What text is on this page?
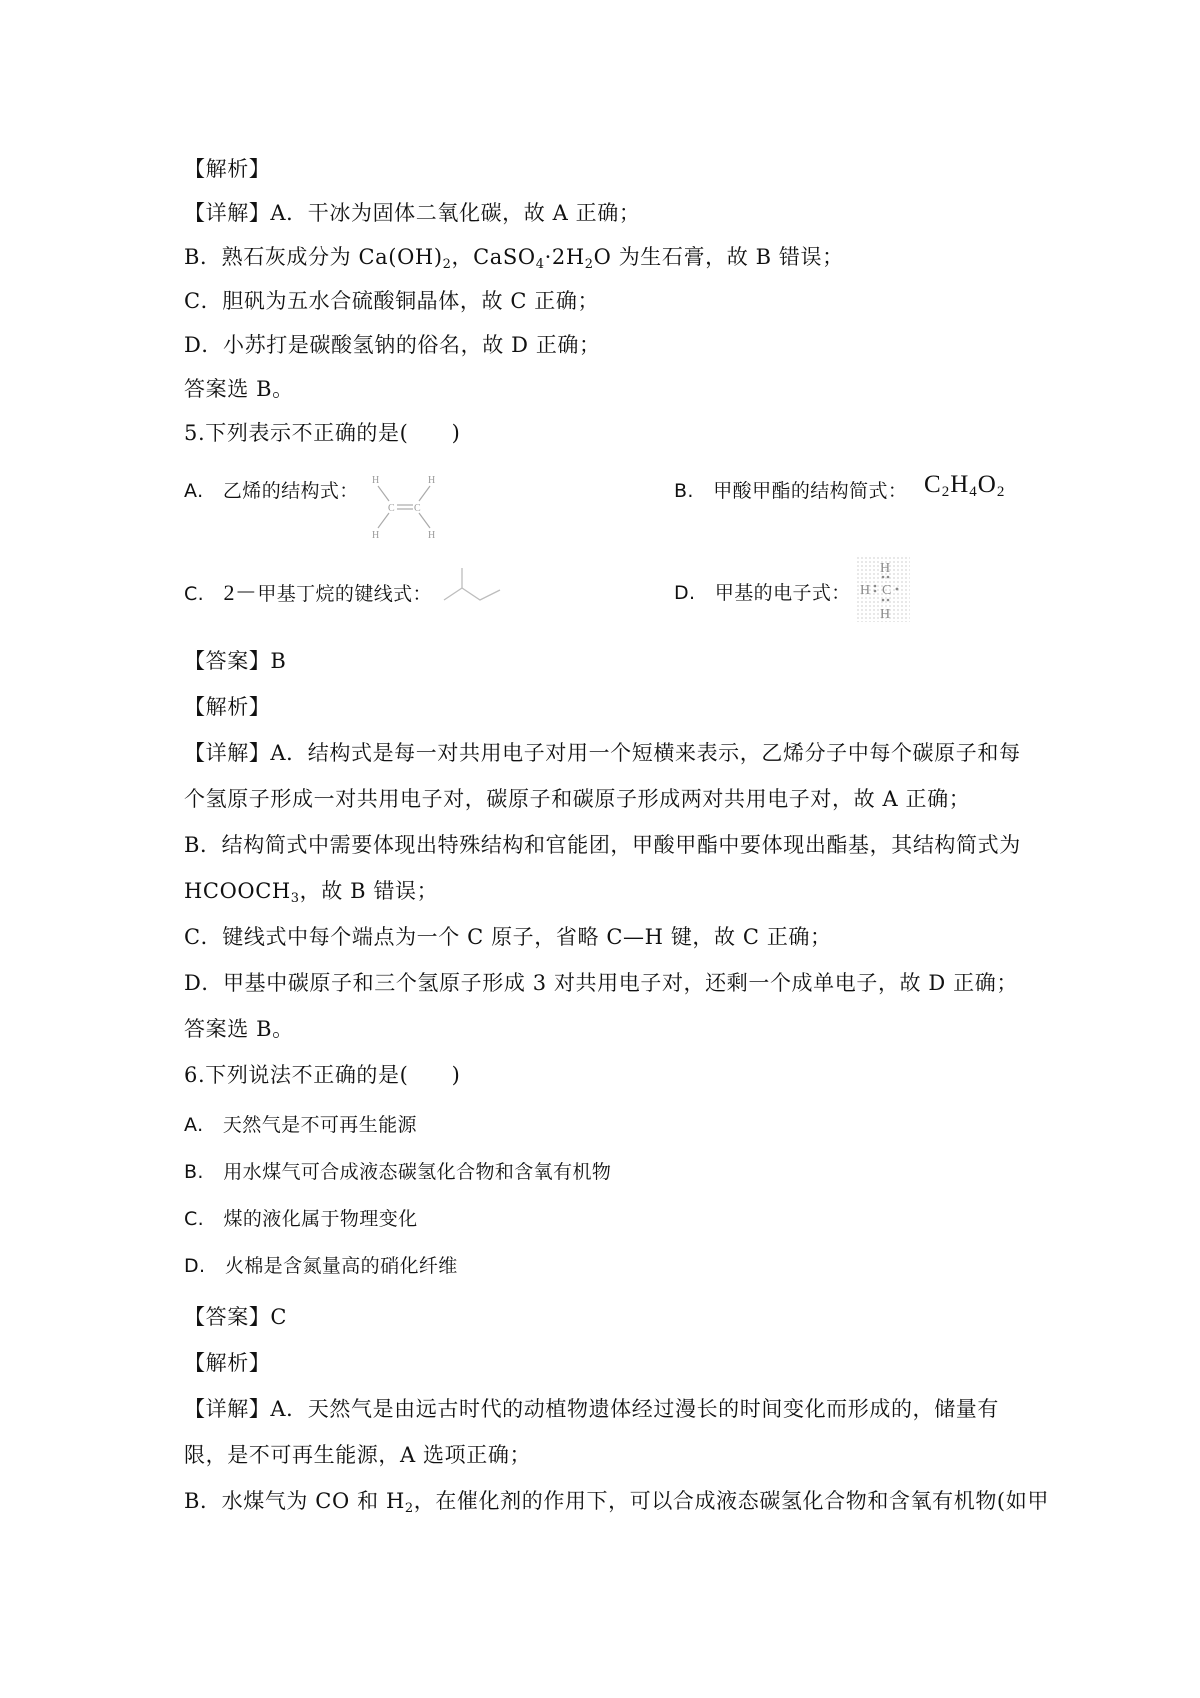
【解析】
【详解】A．干冰为固体二氧化碳，故 A 正确；
B．熟石灰成分为 $Ca(OH)_2$，$CaSO_4\cdot 2H_2O$ 为生石膏，故 B 错误；
C．胆矾为五水合硫酸铜晶体，故 C 正确；
D．小苏打是碳酸氢钠的俗名，故 D 正确；
答案选 B。
5.下列表示不正确的是(　　)
A.　乙烯的结构式： H	H
H	H
C C
B.　甲酸甲酯的结构简式： $C_2H_4O_2$
C.　2－甲基丁烷的键线式：	D.　甲基的电子式：
H
H C
H
【答案】B
【解析】
【详解】A．结构式是每一对共用电子对用一个短横来表示，乙烯分子中每个碳原子和每
个氢原子形成一对共用电子对，碳原子和碳原子形成两对共用电子对，故 A 正确；
B．结构简式中需要体现出特殊结构和官能团，甲酸甲酯中要体现出酯基，其结构简式为
$HCOOCH_3$，故 B 错误；
C．键线式中每个端点为一个 C 原子，省略 C—H 键，故 C 正确；
D．甲基中碳原子和三个氢原子形成 3 对共用电子对，还剩一个成单电子，故 D 正确；
答案选 B。
6.下列说法不正确的是(　　)
A.　天然气是不可再生能源
B.　用水煤气可合成液态碳氢化合物和含氧有机物
C.　煤的液化属于物理变化
D.　火棉是含氮量高的硝化纤维
【答案】C
【解析】
【详解】A．天然气是由远古时代的动植物遗体经过漫长的时间变化而形成的，储量有
限，是不可再生能源，A 选项正确；
B．水煤气为 CO 和 $H_2$，在催化剂的作用下，可以合成液态碳氢化合物和含氧有机物(如甲
